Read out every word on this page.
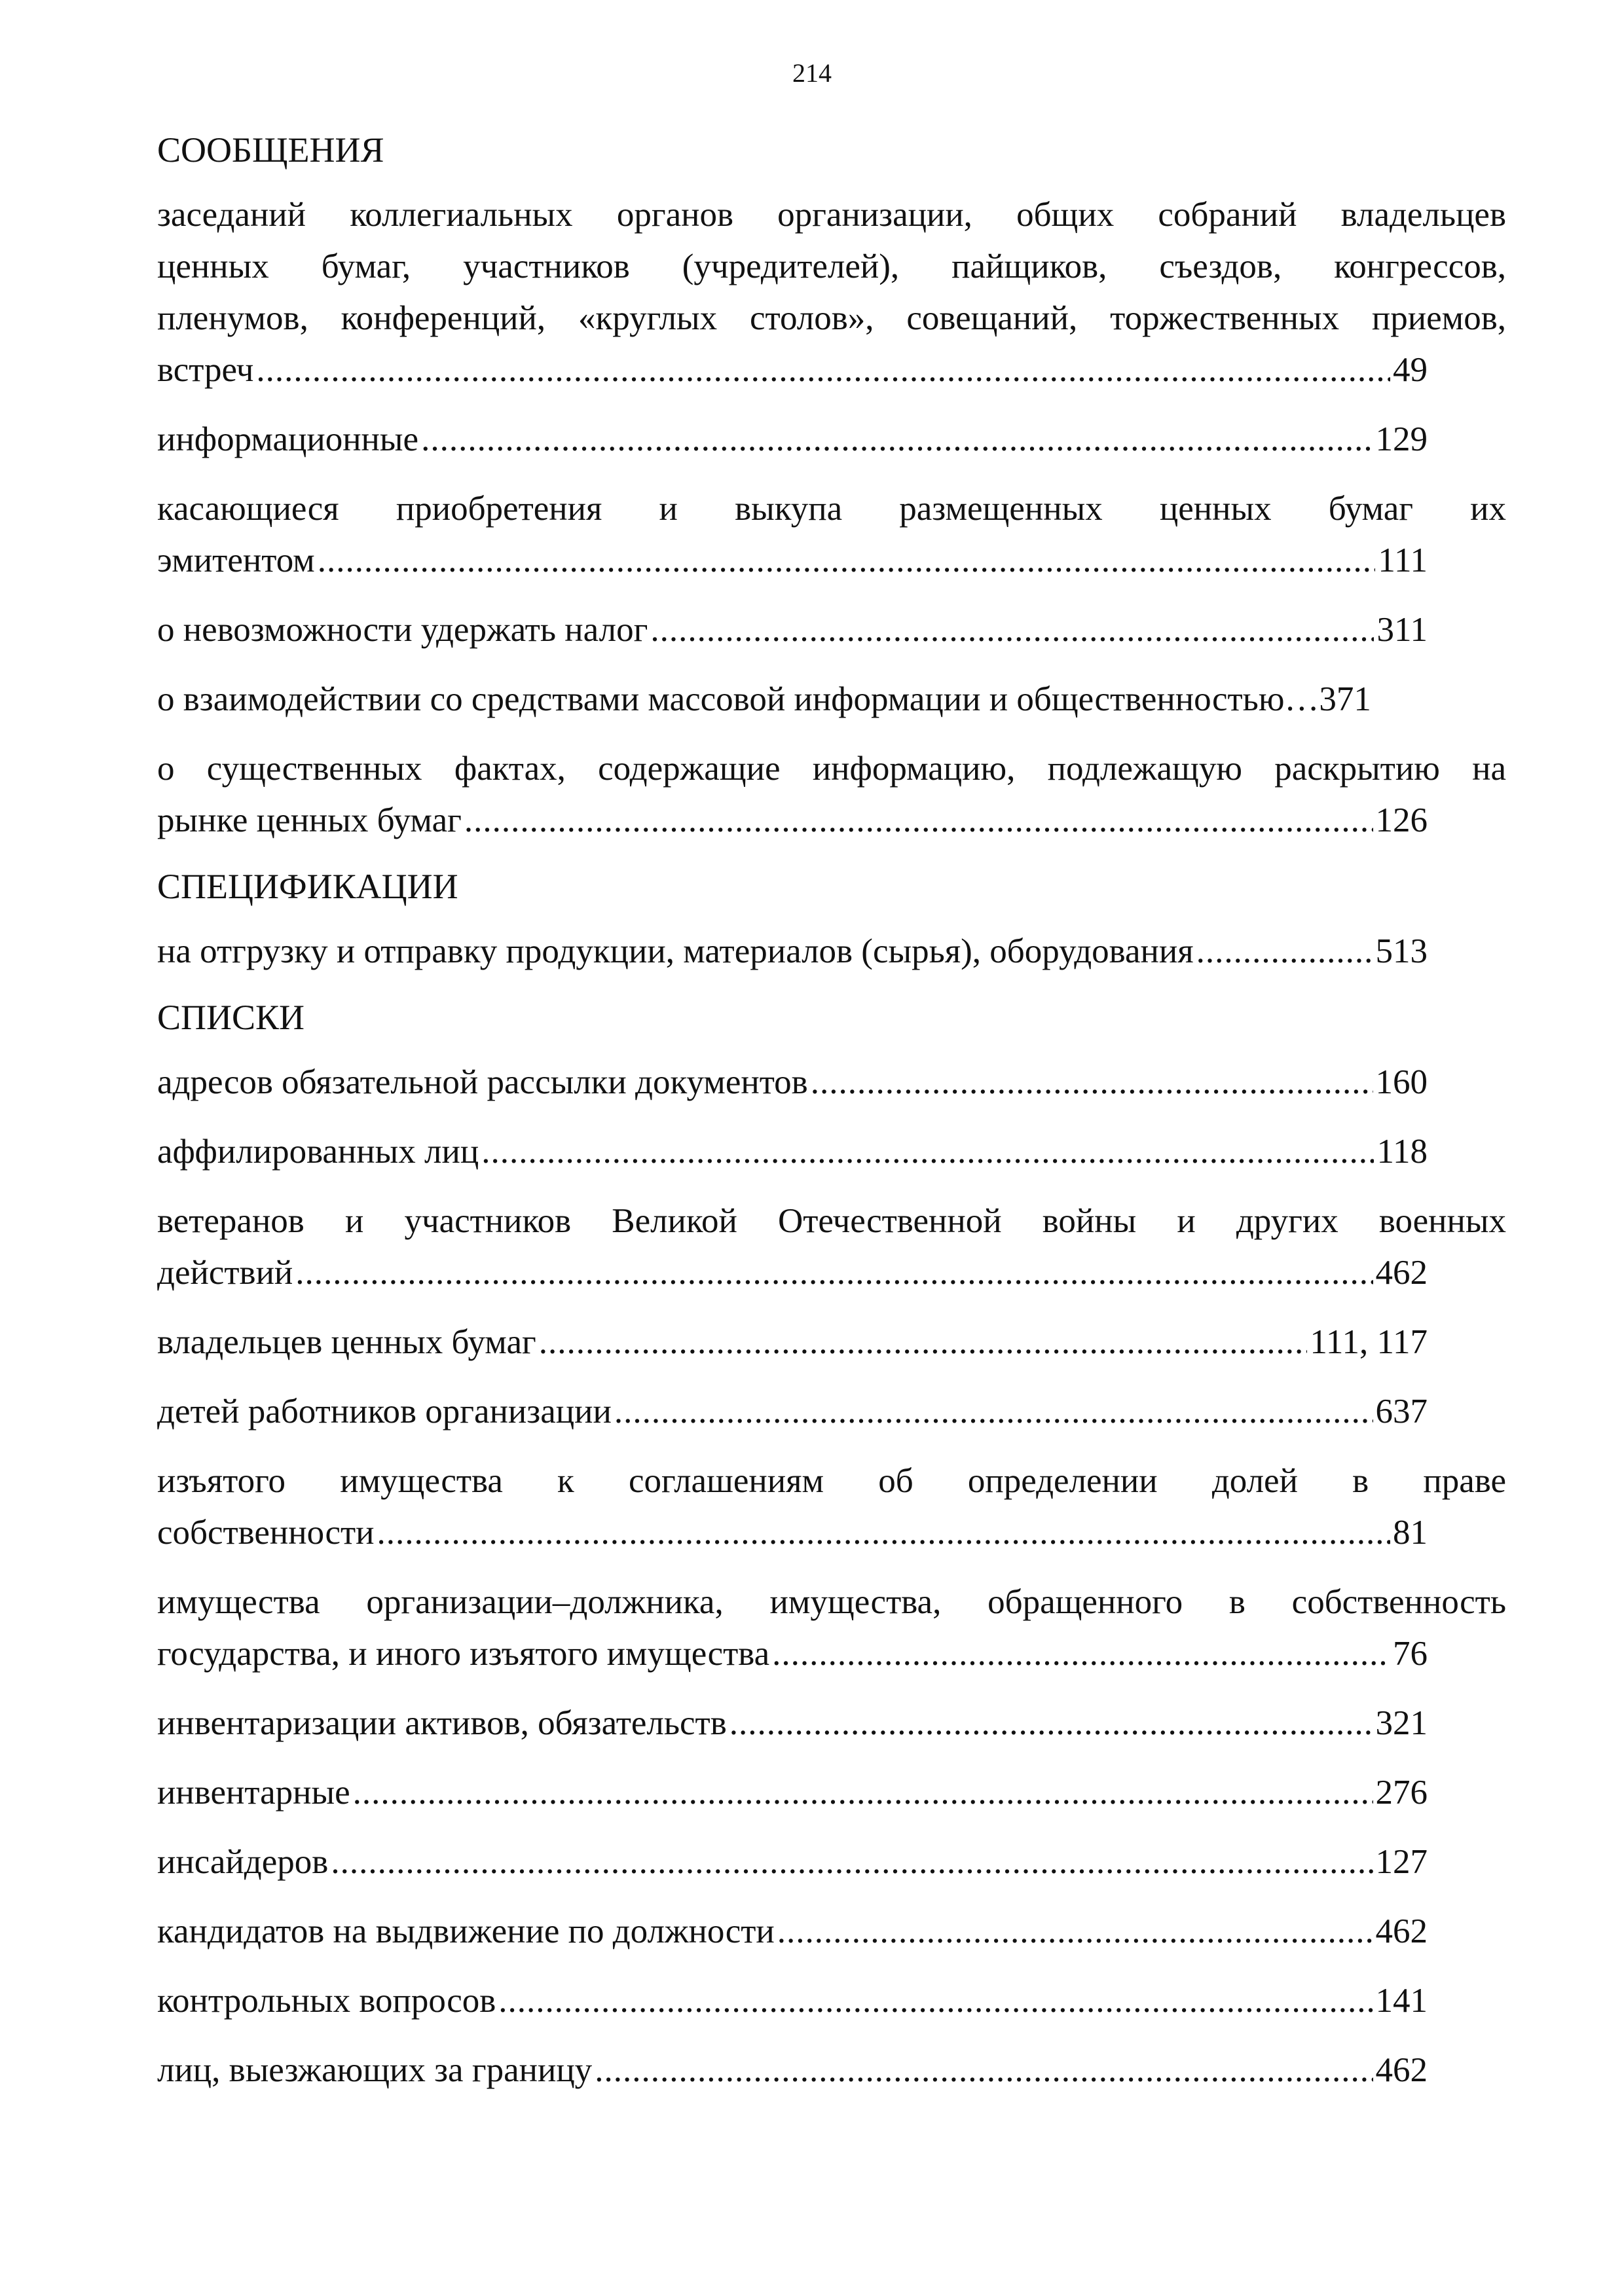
214
СООБЩЕНИЯ
заседаний коллегиальных органов организации, общих собраний владельцев
ценных бумаг, участников (учредителей), пайщиков, съездов, конгрессов,
пленумов, конференций, «круглых столов», совещаний, торжественных приемов,
встреч .....	49
информационные .....	129
касающиеся приобретения и выкупа размещенных ценных бумаг их
эмитентом .....	111
о невозможности удержать налог .....	311
о взаимодействии со средствами массовой информации и общественностью…371
о существенных фактах, содержащие информацию, подлежащую раскрытию на
рынке ценных бумаг .....	126
СПЕЦИФИКАЦИИ
на отгрузку и отправку продукции, материалов (сырья), оборудования .....	513
СПИСКИ
адресов обязательной рассылки документов .....	160
аффилированных лиц .....	118
ветеранов и участников Великой Отечественной войны и других военных
действий .....	462
владельцев ценных бумаг .....	111, 117
детей работников организации .....	637
изъятого имущества к соглашениям об определении долей в праве
собственности .....	81
имущества организации–должника, имущества, обращенного в собственность
государства, и иного изъятого имущества .....	76
инвентаризации активов, обязательств .....	321
инвентарные .....	276
инсайдеров .....	127
кандидатов на выдвижение по должности .....	462
контрольных вопросов .....	141
лиц, выезжающих за границу .....	462
